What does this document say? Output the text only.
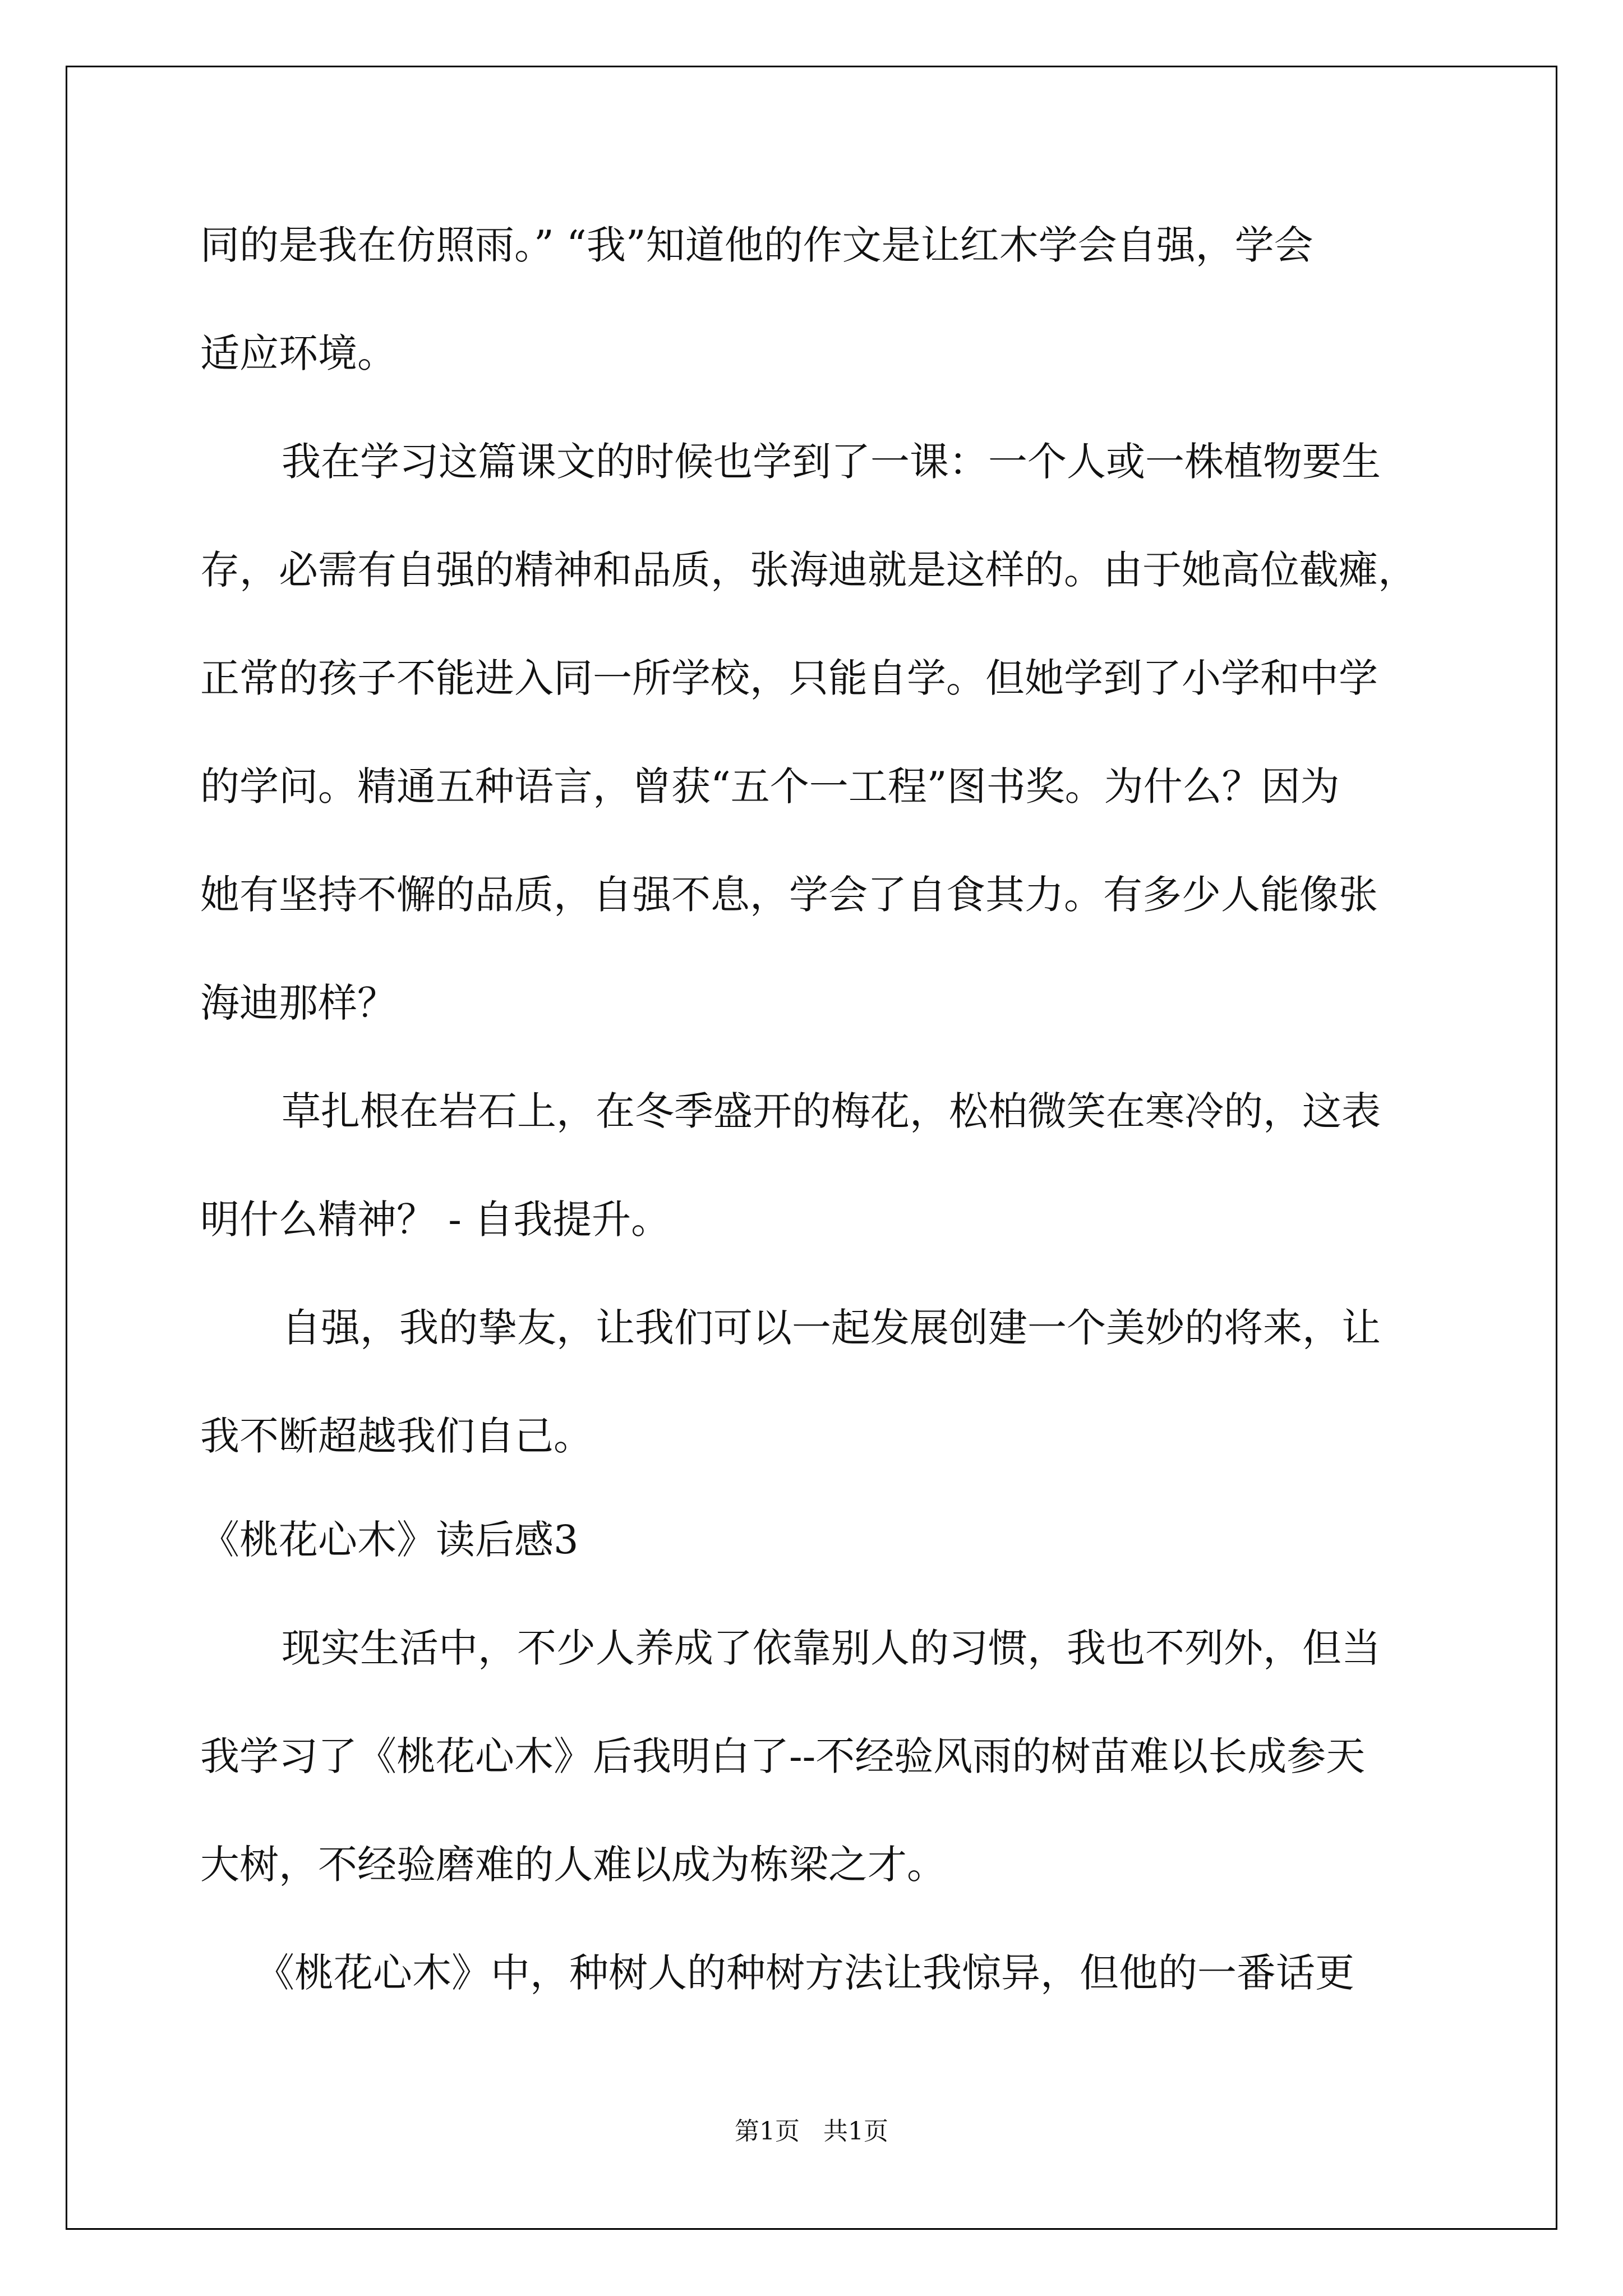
同的是我在仿照雨。” “我”知道他的作文是让红木学会自强，学会

适应环境。

我在学习这篇课文的时候也学到了一课：一个人或一株植物要生

存，必需有自强的精神和品质，张海迪就是这样的。由于她高位截瘫，

正常的孩子不能进入同一所学校，只能自学。但她学到了小学和中学

的学问。精通五种语言，曾获“五个一工程”图书奖。为什么？因为

她有坚持不懈的品质，自强不息，学会了自食其力。有多少人能像张

海迪那样？

草扎根在岩石上，在冬季盛开的梅花，松柏微笑在寒冷的，这表

明什么精神？ - 自我提升。

自强，我的挚友，让我们可以一起发展创建一个美妙的将来，让

我不断超越我们自己。

《桃花心木》读后感3

现实生活中，不少人养成了依靠别人的习惯，我也不列外，但当

我学习了《桃花心木》后我明白了--不经验风雨的树苗难以长成参天

大树，不经验磨难的人难以成为栋梁之才。

《桃花心木》中，种树人的种树方法让我惊异，但他的一番话更

第1页   共1页
